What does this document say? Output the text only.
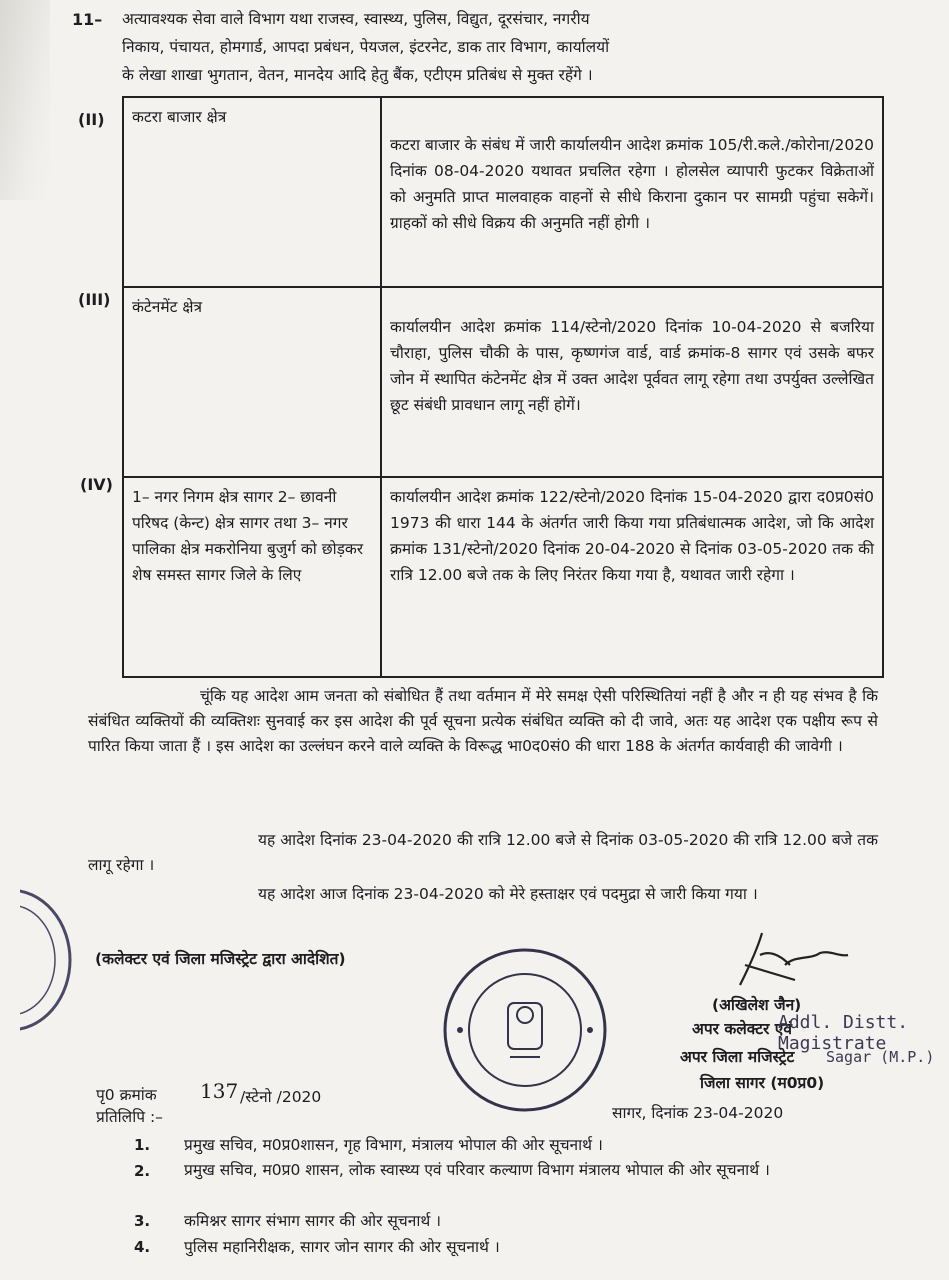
11– अत्यावश्यक सेवा वाले विभाग यथा राजस्व, स्वास्थ्य, पुलिस, विद्युत, दूरसंचार, नगरीय
निकाय, पंचायत, होमगार्ड, आपदा प्रबंधन, पेयजल, इंटरनेट, डाक तार विभाग, कार्यालयों
के लेखा शाखा भुगतान, वेतन, मानदेय आदि हेतु बैंक, एटीएम प्रतिबंध से मुक्त रहेंगे ।
(II)
(III)
(IV)
कटरा बाजार क्षेत्र	कटरा बाजार के संबंध में जारी कार्यालयीन आदेश क्रमांक 105/री.कले./कोरोना/2020 दिनांक 08-04-2020 यथावत प्रचलित रहेगा । होलसेल व्यापारी फुटकर विक्रेताओं को अनुमति प्राप्त मालवाहक वाहनों से सीधे किराना दुकान पर सामग्री पहुंचा सकेगें। ग्राहकों को सीधे विक्रय की अनुमति नहीं होगी ।
कंटेनमेंट क्षेत्र	कार्यालयीन आदेश क्रमांक 114/स्टेनो/2020 दिनांक 10-04-2020 से बजरिया चौराहा, पुलिस चौकी के पास, कृष्णगंज वार्ड, वार्ड क्रमांक-8 सागर एवं उसके बफर जोन में स्थापित कंटेनमेंट क्षेत्र में उक्त आदेश पूर्ववत लागू रहेगा तथा उपर्युक्त उल्लेखित छूट संबंधी प्रावधान लागू नहीं होगें।
1– नगर निगम क्षेत्र सागर 2– छावनी परिषद (केन्ट) क्षेत्र सागर तथा 3– नगर पालिका क्षेत्र मकरोनिया बुजुर्ग को छोड़कर शेष समस्त सागर जिले के लिए	कार्यालयीन आदेश क्रमांक 122/स्टेनो/2020 दिनांक 15-04-2020 द्वारा द0प्र0सं0 1973 की धारा 144 के अंतर्गत जारी किया गया प्रतिबंधात्मक आदेश, जो कि आदेश क्रमांक 131/स्टेनो/2020 दिनांक 20-04-2020 से दिनांक 03-05-2020 तक की रात्रि 12.00 बजे तक के लिए निरंतर किया गया है, यथावत जारी रहेगा ।
चूंकि यह आदेश आम जनता को संबोधित हैं तथा वर्तमान में मेरे समक्ष ऐसी परिस्थितियां नहीं है और न ही यह संभव है कि संबंधित व्यक्तियों की व्यक्तिशः सुनवाई कर इस आदेश की पूर्व सूचना प्रत्येक संबंधित व्यक्ति को दी जावे, अतः यह आदेश एक पक्षीय रूप से पारित किया जाता हैं । इस आदेश का उल्लंघन करने वाले व्यक्ति के विरूद्ध भा0द0सं0 की धारा 188 के अंतर्गत कार्यवाही की जावेगी ।
यह आदेश दिनांक 23-04-2020 की रात्रि 12.00 बजे से दिनांक 03-05-2020 की रात्रि 12.00 बजे तक लागू रहेगा ।
यह आदेश आज दिनांक 23-04-2020 को मेरे हस्ताक्षर एवं पदमुद्रा से जारी किया गया ।
(कलेक्टर एवं जिला मजिस्ट्रेट द्वारा आदेशित)
(अखिलेश जैन)
अपर कलेक्टर एवं
Addl. Distt. Magistrate
अपर जिला मजिस्ट्रेट Sagar (M.P.)
जिला सागर (म0प्र0)
पृ0 क्रमांक 137 /स्टेनो /2020
प्रतिलिपि :–	सागर, दिनांक 23-04-2020
1. प्रमुख सचिव, म0प्र0शासन, गृह विभाग, मंत्रालय भोपाल की ओर सूचनार्थ ।
2. प्रमुख सचिव, म0प्र0 शासन, लोक स्वास्थ्य एवं परिवार कल्याण विभाग मंत्रालय भोपाल की ओर सूचनार्थ ।
3. कमिश्नर सागर संभाग सागर की ओर सूचनार्थ ।
4. पुलिस महानिरीक्षक, सागर जोन सागर की ओर सूचनार्थ ।
